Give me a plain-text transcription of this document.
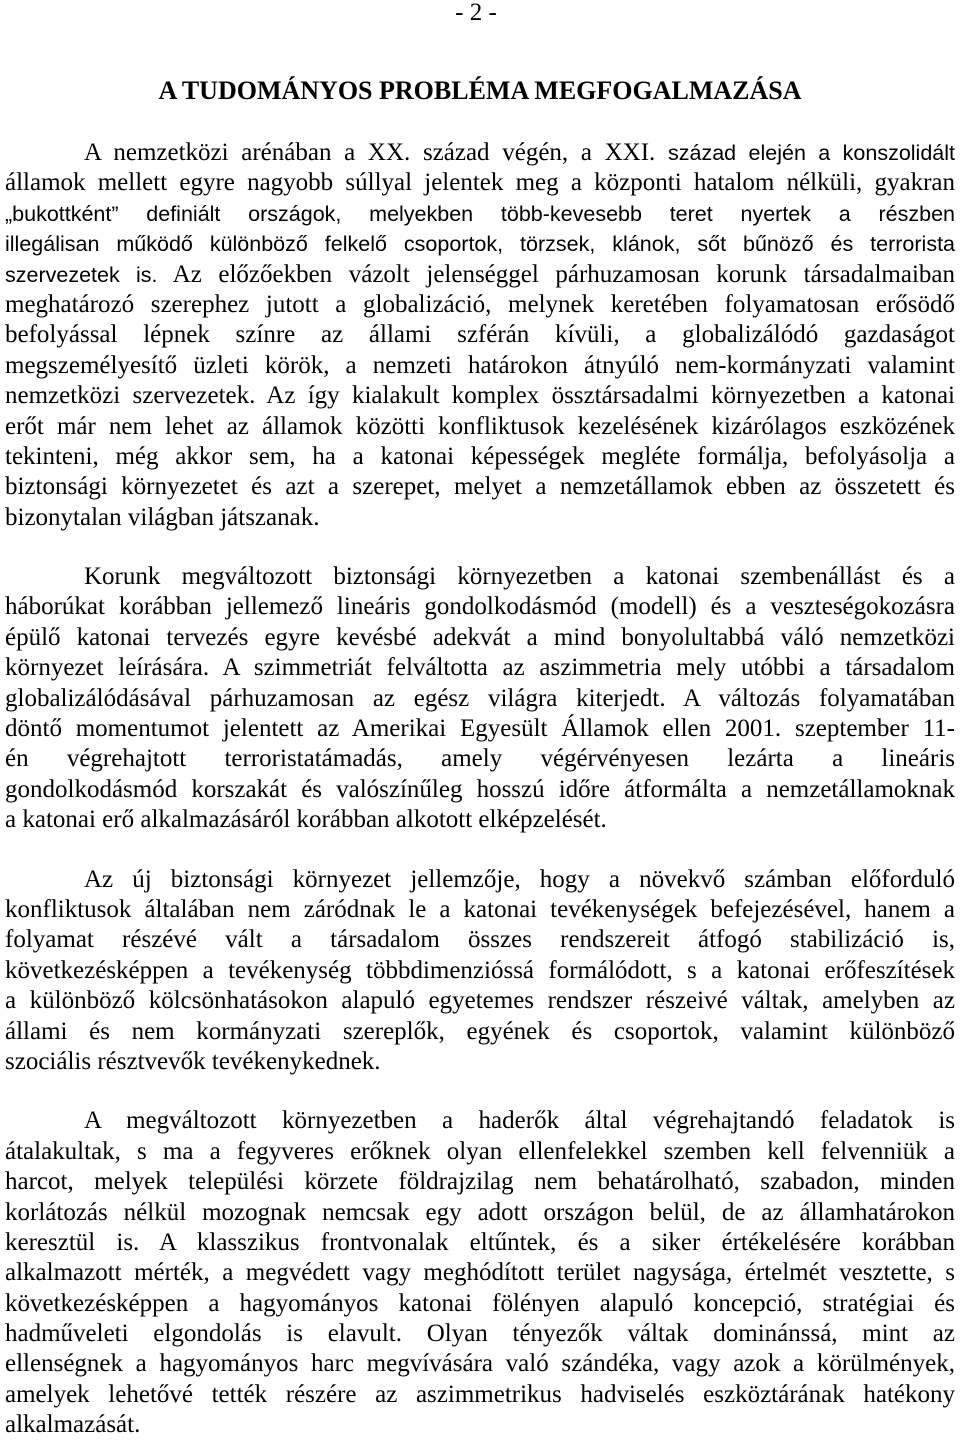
- 2 -
A TUDOMÁNYOS PROBLÉMA MEGFOGALMAZÁSA
A nemzetközi arénában a XX. század végén, a XXI. század elején a konszolidált
államok mellett egyre nagyobb súllyal jelentek meg a központi hatalom nélküli, gyakran
„bukottként” definiált országok, melyekben több-kevesebb teret nyertek a részben
illegálisan működő különböző felkelő csoportok, törzsek, klánok, sőt bűnöző és terrorista
szervezetek is. Az előzőekben vázolt jelenséggel párhuzamosan korunk társadalmaiban
meghatározó szerephez jutott a globalizáció, melynek keretében folyamatosan erősödő
befolyással lépnek színre az állami szférán kívüli, a globalizálódó gazdaságot
megszemélyesítő üzleti körök, a nemzeti határokon átnyúló nem-kormányzati valamint
nemzetközi szervezetek. Az így kialakult komplex össztársadalmi környezetben a katonai
erőt már nem lehet az államok közötti konfliktusok kezelésének kizárólagos eszközének
tekinteni, még akkor sem, ha a katonai képességek megléte formálja, befolyásolja a
biztonsági környezetet és azt a szerepet, melyet a nemzetállamok ebben az összetett és
bizonytalan világban játszanak.
Korunk megváltozott biztonsági környezetben a katonai szembenállást és a
háborúkat korábban jellemező lineáris gondolkodásmód (modell) és a veszteségokozásra
épülő katonai tervezés egyre kevésbé adekvát a mind bonyolultabbá váló nemzetközi
környezet leírására. A szimmetriát felváltotta az aszimmetria mely utóbbi a társadalom
globalizálódásával párhuzamosan az egész világra kiterjedt. A változás folyamatában
döntő momentumot jelentett az Amerikai Egyesült Államok ellen 2001. szeptember 11-
én végrehajtott terroristatámadás, amely végérvényesen lezárta a lineáris
gondolkodásmód korszakát és valószínűleg hosszú időre átformálta a nemzetállamoknak
a katonai erő alkalmazásáról korábban alkotott elképzelését.
Az új biztonsági környezet jellemzője, hogy a növekvő számban előforduló
konfliktusok általában nem záródnak le a katonai tevékenységek befejezésével, hanem a
folyamat részévé vált a társadalom összes rendszereit átfogó stabilizáció is,
következésképpen a tevékenység többdimenzióssá formálódott, s a katonai erőfeszítések
a különböző kölcsönhatásokon alapuló egyetemes rendszer részeivé váltak, amelyben az
állami és nem kormányzati szereplők, egyének és csoportok, valamint különböző
szociális résztvevők tevékenykednek.
A megváltozott környezetben a haderők által végrehajtandó feladatok is
átalakultak, s ma a fegyveres erőknek olyan ellenfelekkel szemben kell felvenniük a
harcot, melyek települési körzete földrajzilag nem behatárolható, szabadon, minden
korlátozás nélkül mozognak nemcsak egy adott országon belül, de az államhatárokon
keresztül is. A klasszikus frontvonalak eltűntek, és a siker értékelésére korábban
alkalmazott mérték, a megvédett vagy meghódított terület nagysága, értelmét vesztette, s
következésképpen a hagyományos katonai fölényen alapuló koncepció, stratégiai és
hadműveleti elgondolás is elavult. Olyan tényezők váltak dominánssá, mint az
ellenségnek a hagyományos harc megvívására való szándéka, vagy azok a körülmények,
amelyek lehetővé tették részére az aszimmetrikus hadviselés eszköztárának hatékony
alkalmazását.
